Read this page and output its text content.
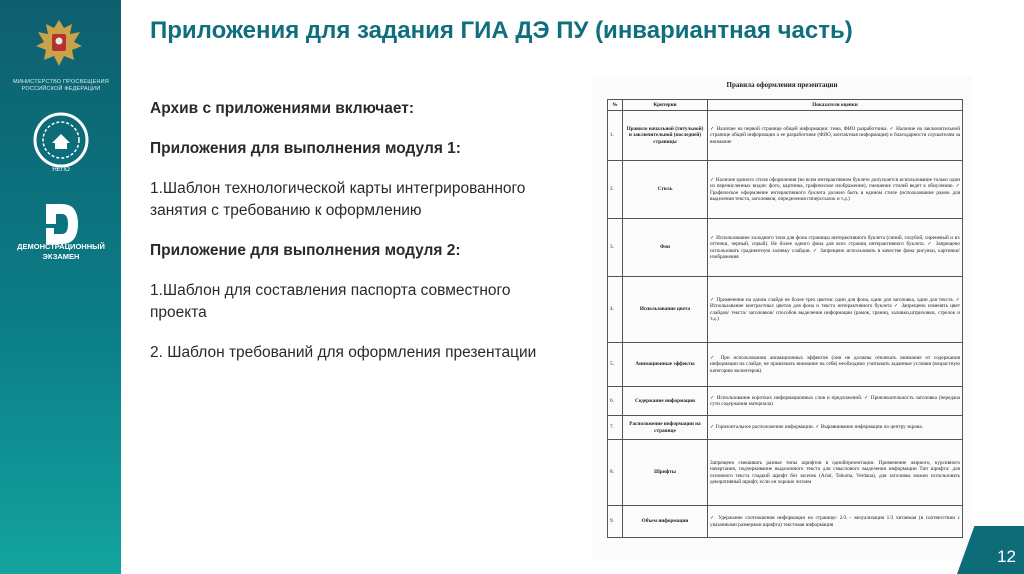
МИНИСТЕРСТВО ПРОСВЕЩЕНИЯ РОССИЙСКОЙ ФЕДЕРАЦИИ
НЕПО
ДЕМОНСТРАЦИОННЫЙ
ЭКЗАМЕН
Приложения для задания ГИА ДЭ ПУ (инвариантная часть)

Архив с приложениями включает:

Приложения для выполнения модуля 1:

1.Шаблон технологической карты интегрированного занятия с требованию к оформлению

Приложение для выполнения модуля 2:

1.Шаблон для составления паспорта совместного проекта

2. Шаблон требований для оформления презентации

Правила оформления презентации
№	Критерии	Показатели оценки
1.	Правило начальной (титульной) и заключительной (последней) страницы	✓ Наличие на первой странице общей информации: тема, ФИО разработчика. ✓ Наличие на заключительной странице общей информации о ее разработчике (ФИО, контактная информация) и благодарности слушателям за внимание
2.	Стиль	✓ Наличие единого стиля оформления (во всем интерактивном буклете допускается использование только один из перечисленных видов: фото, картинка, графическое изображение), смешение стилей ведет к обнулению. ✓ Графическое оформление интерактивного буклета должно быть в едином стиле (использование рамок для выделения текста, заголовков, определения гиперссылок и т.д.)
3.	Фон	✓ Использование холодного тона для фона страницы интерактивного буклета (синий, голубой, сиреневый и их оттенки, черный, серый). Не более одного фона для всех страниц интерактивного буклета. ✓ Запрещено использовать градиентную заливку слайдов. ✓ Запрещено использовать в качестве фона рисунки, картинки/изображения
4.	Использование цвета	✓ Применение на одном слайде не более трех цветов: один для фона, один для заголовка, один для текста. ✓ Использование контрастных цветов для фона и текста интерактивного буклета ✓ Запрещено изменять цвет слайдов/ текста/ заголовков/ способов выделения информации (рамок, границ, заливки,штриховки, стрелок и т.д.)
5.	Анимационные эффекты	✓ При использовании анимационных эффектов (они не должны отвлекать внимание от содержания информации на слайде, не привлекать внимание на себя) необходимо учитывать заданные условия (возрастную категорию волонтеров).
6.	Содержание информации	✓ Использование коротких информационных слов и предложений. ✓ Привлекательность заголовка (передача сути содержания материала)
7.	Расположение информации на странице	✓ Горизонтальное расположение информации. ✓ Выравнивание информации по центру экрана.
8.	Шрифты	Запрещено смешивать разные типы шрифтов в однойпрезентации. Применение жирного, курсивного начертания, подчеркивание выделенного текста для смыслового выделения информации Тип шрифта: для основного текста гладкий шрифт без засечек (Arial, Tahoma, Verdana), для заголовка можно использовать декоративный шрифт, если он хорошо читаем
9.	Объем информации	✓ Удержание соотношения информации на странице: 2/3 – визуализация 1/3 читаемая (в соответствии с указанными размерами шрифта) текстовая информация
12
